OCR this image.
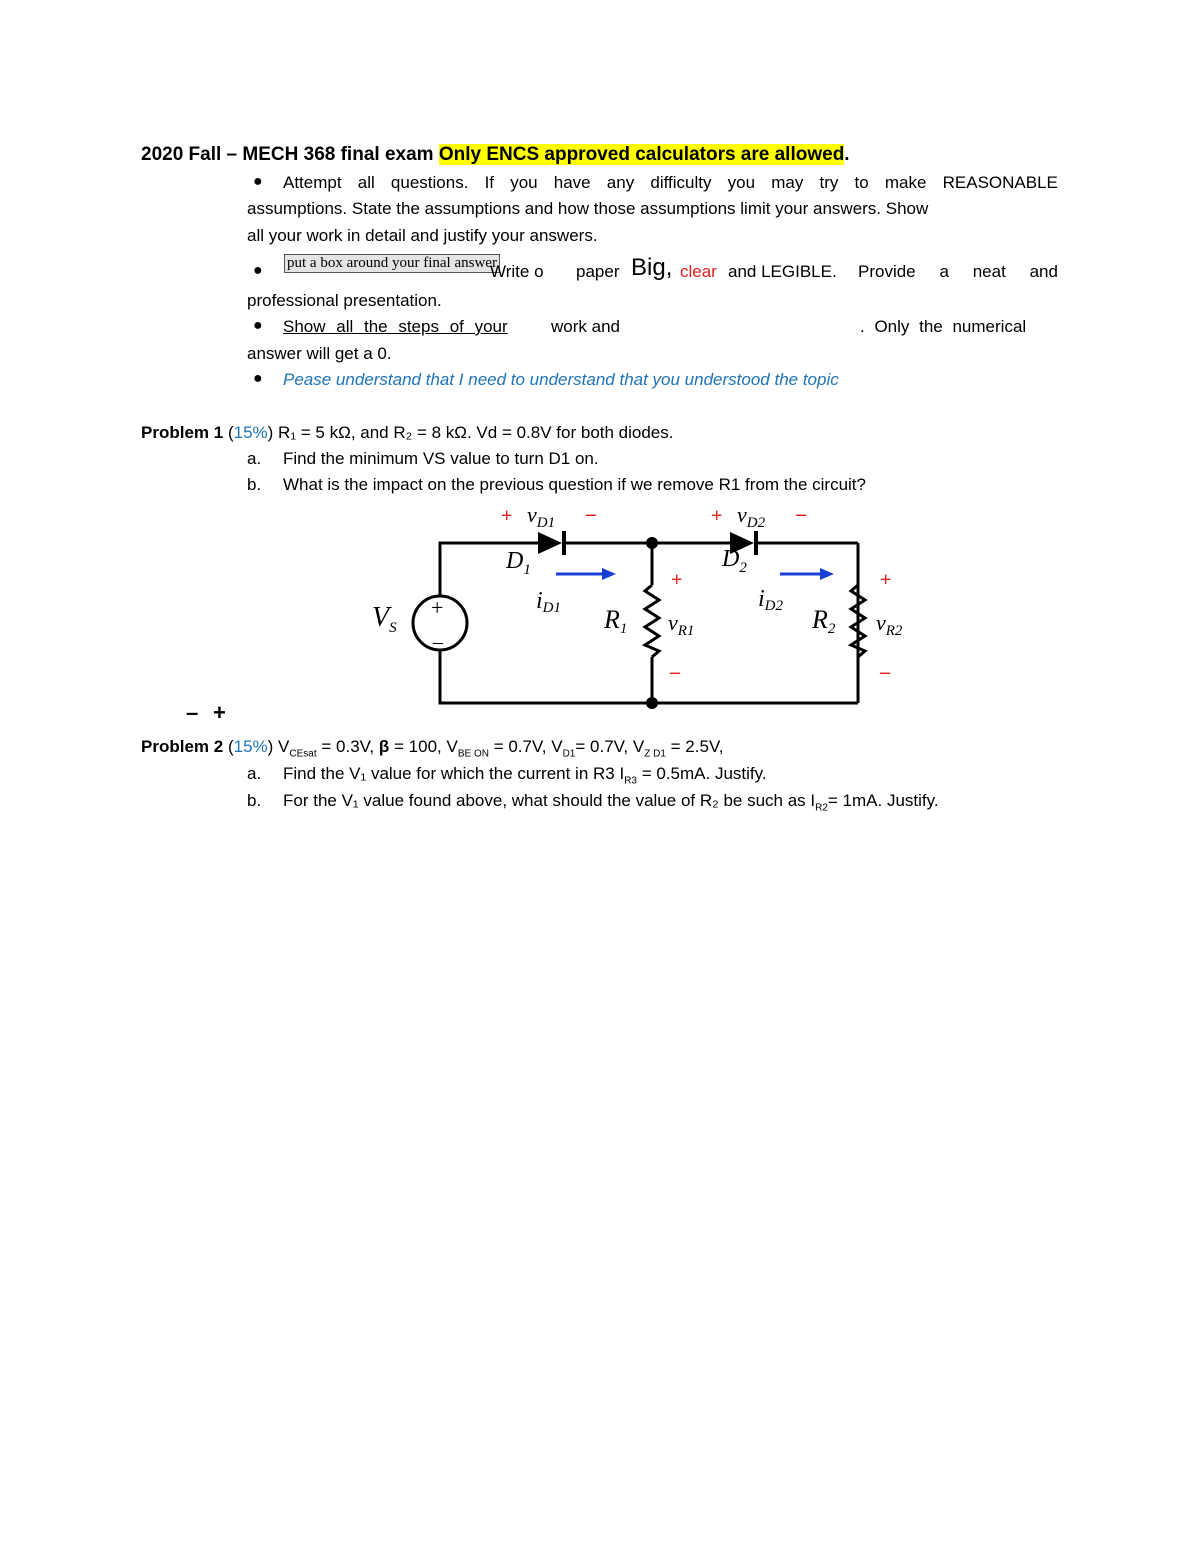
2020 Fall – MECH 368 final exam Only ENCS approved calculators are allowed.
● Attempt all questions. If you have any difficulty you may try to make REASONABLE
assumptions. State the assumptions and how those assumptions limit your answers. Show
all your work in detail and justify your answers.
● put a box around your final answer
Write o paper Big, clear and LEGIBLE. Provide a neat and
professional presentation.
● Show all the steps of your	work and	. Only the numerical
answer will get a 0.
● Pease understand that I need to understand that you understood the topic
Problem 1 (15%) R₁ = 5 kΩ, and R₂ = 8 kΩ. Vd = 0.8V for both diodes.
a. Find the minimum VS value to turn D1 on.
b. What is the impact on the previous question if we remove R1 from the circuit?
+
–
+ $v_{D1}$ –	+ $v_{D2}$ –
$D_1$	$D_2$
iD1	iD2
R1	R2
+
$v_{R1}$
–
+
$v_{R2}$
–
$V_S$
– +
Problem 2 (15%) $V_{CEsat} = 0.3V$, β = 100, $V_{BE ON} = 0.7V$, $V_{D1}= 0.7V$, $V_{Z D1} = 2.5V$,
a. Find the V₁ value for which the current in R3 $I_{R3} = 0.5mA$. Justify.
b. For the V₁ value found above, what should the value of R₂ be such as $I_{R2}= 1mA$. Justify.
